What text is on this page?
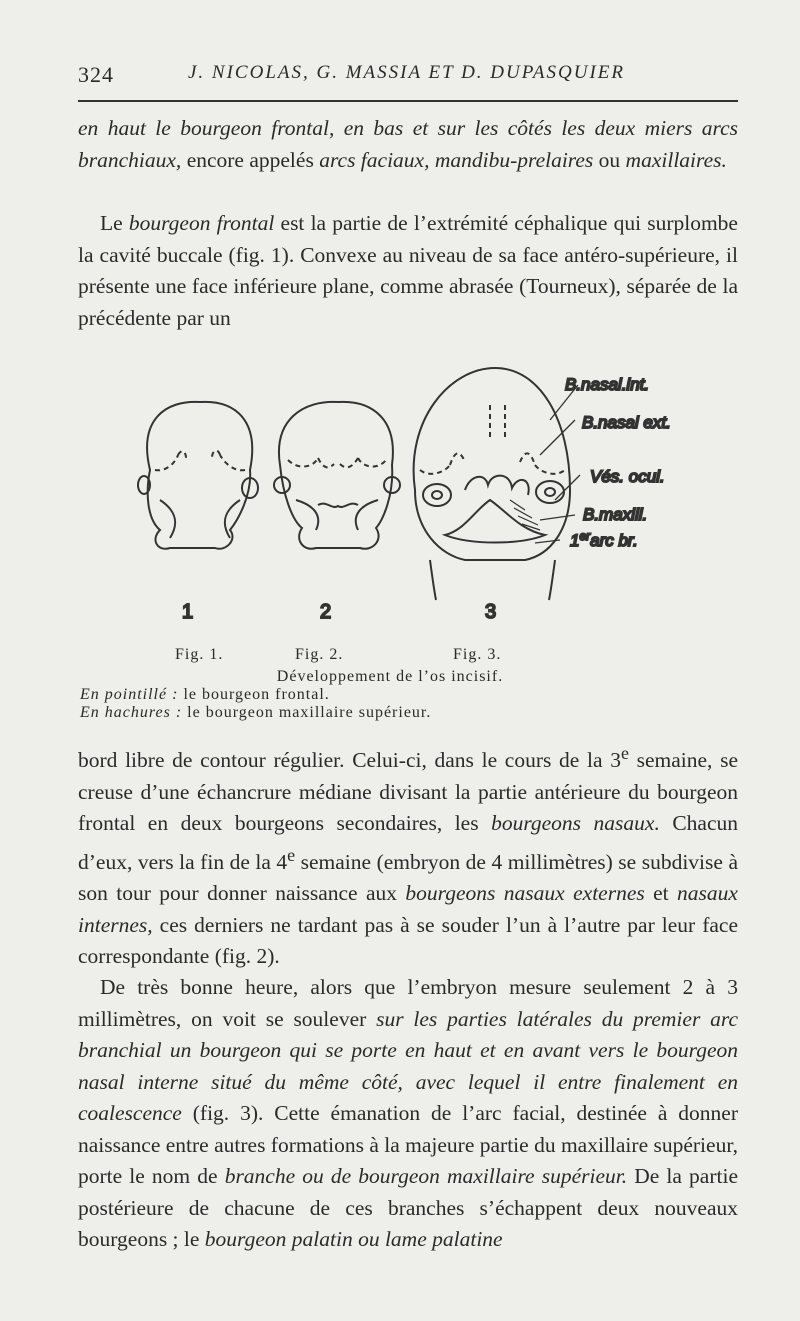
324	J. NICOLAS, G. MASSIA ET D. DUPASQUIER

en haut le bourgeon frontal, en bas et sur les côtés les deux miers arcs branchiaux, encore appelés arcs faciaux, mandibu-prelaires ou maxillaires.

Le bourgeon frontal est la partie de l’extrémité céphalique qui surplombe la cavité buccale (fig. 1). Convexe au niveau de sa face antéro-supérieure, il présente une face inférieure plane, comme abrasée (Tourneux), séparée de la précédente par un

B.nasal.int.
B.nasal ext.
Vés. ocul.
B.maxill.
1erarc br.
1	2	3
Fig. 1.	Fig. 2.	Fig. 3.
Développement de l’os incisif.
En pointillé : le bourgeon frontal.
En hachures : le bourgeon maxillaire supérieur.

bord libre de contour régulier. Celui-ci, dans le cours de la 3e semaine, se creuse d’une échancrure médiane divisant la partie antérieure du bourgeon frontal en deux bourgeons secondaires, les bourgeons nasaux. Chacun d’eux, vers la fin de la 4e semaine (embryon de 4 millimètres) se subdivise à son tour pour donner naissance aux bourgeons nasaux externes et nasaux internes, ces derniers ne tardant pas à se souder l’un à l’autre par leur face correspondante (fig. 2).

De très bonne heure, alors que l’embryon mesure seulement 2 à 3 millimètres, on voit se soulever sur les parties latérales du premier arc branchial un bourgeon qui se porte en haut et en avant vers le bourgeon nasal interne situé du même côté, avec lequel il entre finalement en coalescence (fig. 3). Cette émanation de l’arc facial, destinée à donner naissance entre autres formations à la majeure partie du maxillaire supérieur, porte le nom de branche ou de bourgeon maxillaire supérieur. De la partie postérieure de chacune de ces branches s’échappent deux nouveaux bourgeons ; le bourgeon palatin ou lame palatine
